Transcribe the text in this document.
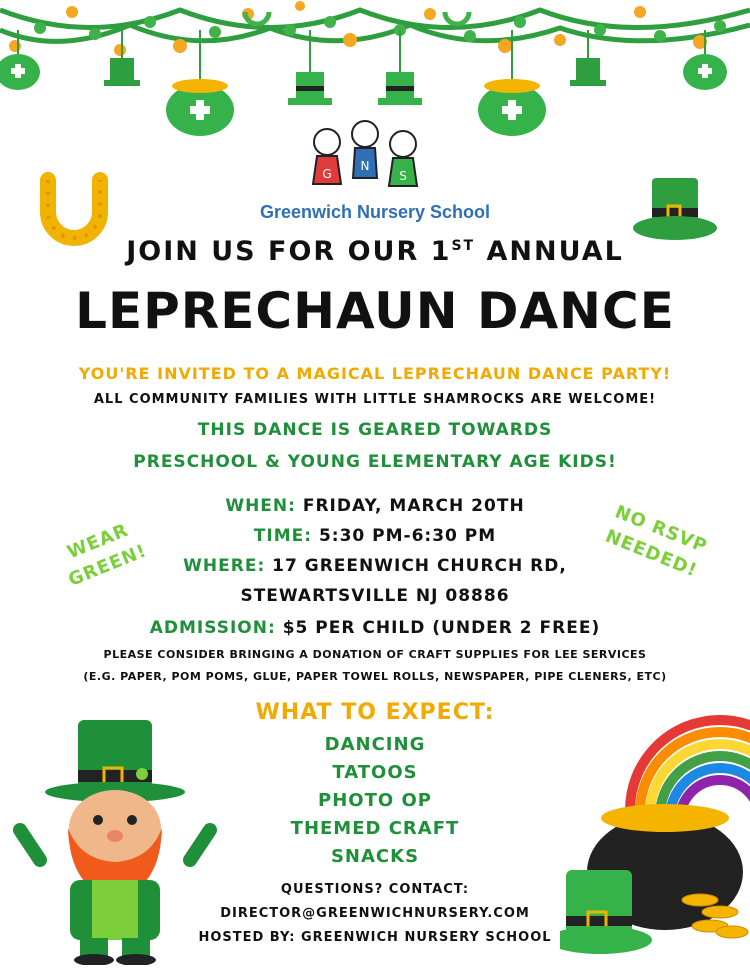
G
N
S
Greenwich Nursery School
JOIN US FOR OUR 1ST ANNUAL
LEPRECHAUN DANCE
YOU'RE INVITED TO A MAGICAL LEPRECHAUN DANCE PARTY!
ALL COMMUNITY FAMILIES WITH LITTLE SHAMROCKS ARE WELCOME!
THIS DANCE IS GEARED TOWARDS
PRESCHOOL & YOUNG ELEMENTARY AGE KIDS!
WHEN: FRIDAY, MARCH 20TH
TIME: 5:30 PM-6:30 PM
WHERE: 17 GREENWICH CHURCH RD,
STEWARTSVILLE NJ 08886
ADMISSION: $5 PER CHILD (UNDER 2 FREE)
PLEASE CONSIDER BRINGING A DONATION OF CRAFT SUPPLIES FOR LEE SERVICES
(E.G. PAPER, POM POMS, GLUE, PAPER TOWEL ROLLS, NEWSPAPER, PIPE CLENERS, ETC)
WEAR GREEN!
NO RSVP NEEDED!
WHAT TO EXPECT:
DANCING
TATOOS
PHOTO OP
THEMED CRAFT
SNACKS
QUESTIONS? CONTACT:
DIRECTOR@GREENWICHNURSERY.COM
HOSTED BY: GREENWICH NURSERY SCHOOL
